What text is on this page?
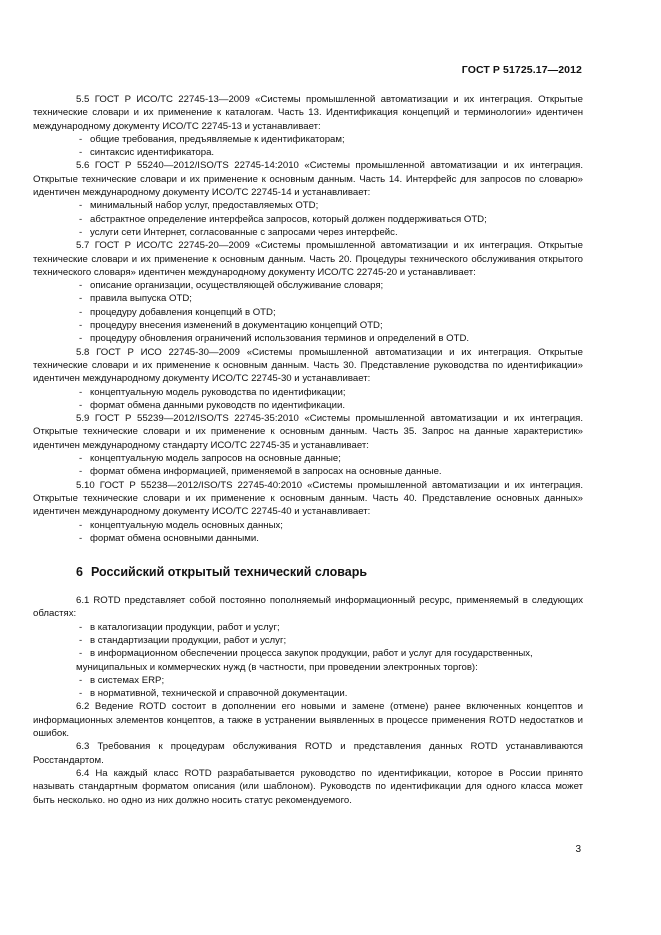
ГОСТ Р 51725.17—2012

5.5 ГОСТ Р ИСО/ТС 22745-13—2009 «Системы промышленной автоматизации и их интеграция. Открытые технические словари и их применение к каталогам. Часть 13. Идентификация концепций и терминологии» идентичен международному документу ИСО/ТС 22745-13 и устанавливает:

- общие требования, предъявляемые к идентификаторам;

- синтаксис идентификатора.

5.6 ГОСТ Р 55240—2012/ISO/TS 22745-14:2010 «Системы промышленной автоматизации и их интеграция. Открытые технические словари и их применение к основным данным. Часть 14. Интерфейс для запросов по словарю» идентичен международному документу ИСО/ТС 22745-14 и устанавливает:

- минимальный набор услуг, предоставляемых OTD;

- абстрактное определение интерфейса запросов, который должен поддерживаться OTD;

- услуги сети Интернет, согласованные с запросами через интерфейс.

5.7 ГОСТ Р ИСО/ТС 22745-20—2009 «Системы промышленной автоматизации и их интеграция. Открытые технические словари и их применение к основным данным. Часть 20. Процедуры технического обслуживания открытого технического словаря» идентичен международному документу ИСО/ТС 22745-20 и устанавливает:

- описание организации, осуществляющей обслуживание словаря;

- правила выпуска OTD;

- процедуру добавления концепций в OTD;

- процедуру внесения изменений в документацию концепций OTD;

- процедуру обновления ограничений использования терминов и определений в OTD.

5.8 ГОСТ Р ИСО 22745-30—2009 «Системы промышленной автоматизации и их интеграция. Открытые технические словари и их применение к основным данным. Часть 30. Представление руководства по идентификации» идентичен международному документу ИСО/ТС 22745-30 и устанавливает:

- концептуальную модель руководства по идентификации;

- формат обмена данными руководств по идентификации.

5.9 ГОСТ Р 55239—2012/ISO/TS 22745-35:2010 «Системы промышленной автоматизации и их интеграция. Открытые технические словари и их применение к основным данным. Часть 35. Запрос на данные характеристик» идентичен международному стандарту ИСО/ТС 22745-35 и устанавливает:

- концептуальную модель запросов на основные данные;

- формат обмена информацией, применяемой в запросах на основные данные.

5.10 ГОСТ Р 55238—2012/ISO/TS 22745-40:2010 «Системы промышленной автоматизации и их интеграция. Открытые технические словари и их применение к основным данным. Часть 40. Представление основных данных» идентичен международному документу ИСО/ТС 22745-40 и устанавливает:

- концептуальную модель основных данных;

- формат обмена основными данными.

6 Российский открытый технический словарь

6.1 ROTD представляет собой постоянно пополняемый информационный ресурс, применяемый в следующих областях:

- в каталогизации продукции, работ и услуг;

- в стандартизации продукции, работ и услуг;

- в информационном обеспечении процесса закупок продукции, работ и услуг для государственных, муниципальных и коммерческих нужд (в частности, при проведении электронных торгов):

- в системах ERP;

- в нормативной, технической и справочной документации.

6.2 Ведение ROTD состоит в дополнении его новыми и замене (отмене) ранее включенных концептов и информационных элементов концептов, а также в устранении выявленных в процессе применения ROTD недостатков и ошибок.

6.3 Требования к процедурам обслуживания ROTD и представления данных ROTD устанавливаются Росстандартом.

6.4 На каждый класс ROTD разрабатывается руководство по идентификации, которое в России принято называть стандартным форматом описания (или шаблоном). Руководств по идентификации для одного класса может быть несколько. но одно из них должно носить статус рекомендуемого.

3
